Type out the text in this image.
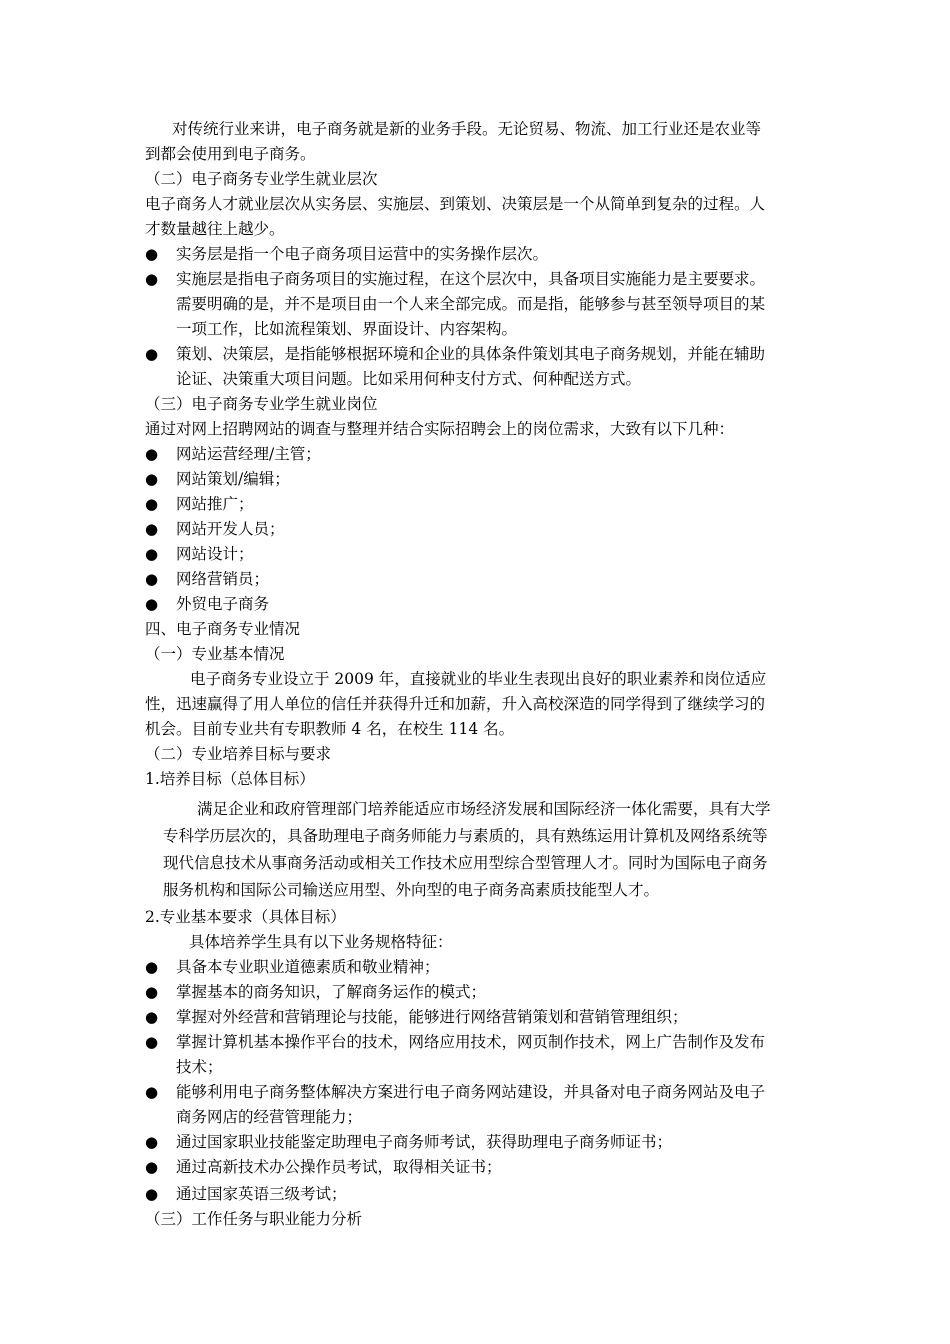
对传统行业来讲，电子商务就是新的业务手段。无论贸易、物流、加工行业还是农业等
到都会使用到电子商务。
（二）电子商务专业学生就业层次
电子商务人才就业层次从实务层、实施层、到策划、决策层是一个从简单到复杂的过程。人
才数量越往上越少。
● 实务层是指一个电子商务项目运营中的实务操作层次。
● 实施层是指电子商务项目的实施过程，在这个层次中，具备项目实施能力是主要要求。
需要明确的是，并不是项目由一个人来全部完成。而是指，能够参与甚至领导项目的某
一项工作，比如流程策划、界面设计、内容架构。
● 策划、决策层，是指能够根据环境和企业的具体条件策划其电子商务规划，并能在辅助
论证、决策重大项目问题。比如采用何种支付方式、何种配送方式。
（三）电子商务专业学生就业岗位
通过对网上招聘网站的调查与整理并结合实际招聘会上的岗位需求，大致有以下几种：
● 网站运营经理/主管；
● 网站策划/编辑；
● 网站推广；
● 网站开发人员；
● 网站设计；
● 网络营销员；
● 外贸电子商务
四、电子商务专业情况
（一）专业基本情况
电子商务专业设立于 2009 年，直接就业的毕业生表现出良好的职业素养和岗位适应
性，迅速赢得了用人单位的信任并获得升迁和加薪，升入高校深造的同学得到了继续学习的
机会。目前专业共有专职教师 4 名，在校生 114 名。
（二）专业培养目标与要求
1.培养目标（总体目标）
满足企业和政府管理部门培养能适应市场经济发展和国际经济一体化需要，具有大学
专科学历层次的，具备助理电子商务师能力与素质的，具有熟练运用计算机及网络系统等
现代信息技术从事商务活动或相关工作技术应用型综合型管理人才。同时为国际电子商务
服务机构和国际公司输送应用型、外向型的电子商务高素质技能型人才。
2.专业基本要求（具体目标）
具体培养学生具有以下业务规格特征：
● 具备本专业职业道德素质和敬业精神；
● 掌握基本的商务知识，了解商务运作的模式；
● 掌握对外经营和营销理论与技能，能够进行网络营销策划和营销管理组织；
● 掌握计算机基本操作平台的技术，网络应用技术，网页制作技术，网上广告制作及发布
技术；
● 能够利用电子商务整体解决方案进行电子商务网站建设，并具备对电子商务网站及电子
商务网店的经营管理能力；
● 通过国家职业技能鉴定助理电子商务师考试，获得助理电子商务师证书；
● 通过高新技术办公操作员考试，取得相关证书；
● 通过国家英语三级考试；
（三）工作任务与职业能力分析
